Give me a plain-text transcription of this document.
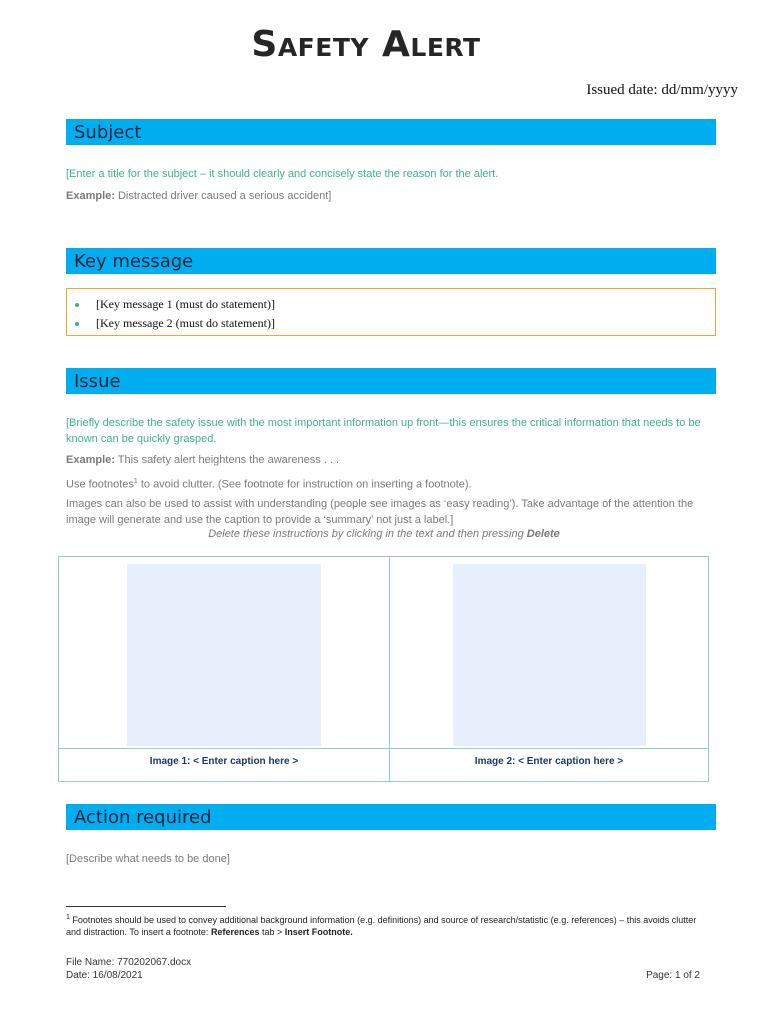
Safety Alert
Issued date: dd/mm/yyyy
Subject
[Enter a title for the subject – it should clearly and concisely state the reason for the alert.
Example: Distracted driver caused a serious accident]
Key message
[Key message 1 (must do statement)]
[Key message 2 (must do statement)]
Issue
[Briefly describe the safety issue with the most important information up front—this ensures the critical information that needs to be known can be quickly grasped.
Example: This safety alert heightens the awareness . . .
Use footnotes$^1$ to avoid clutter. (See footnote for instruction on inserting a footnote).
Images can also be used to assist with understanding (people see images as ‘easy reading’). Take advantage of the attention the image will generate and use the caption to provide a ‘summary’ not just a label.]
Delete these instructions by clicking in the text and then pressing Delete
Image 1: < Enter caption here >	Image 2: < Enter caption here >
Action required
[Describe what needs to be done]
$^1$ Footnotes should be used to convey additional background information (e.g. definitions) and source of research/statistic (e.g. references) – this avoids clutter and distraction. To insert a footnote: References tab > Insert Footnote.
File Name: 770202067.docx
Date: 16/08/2021	Page: 1 of 2
